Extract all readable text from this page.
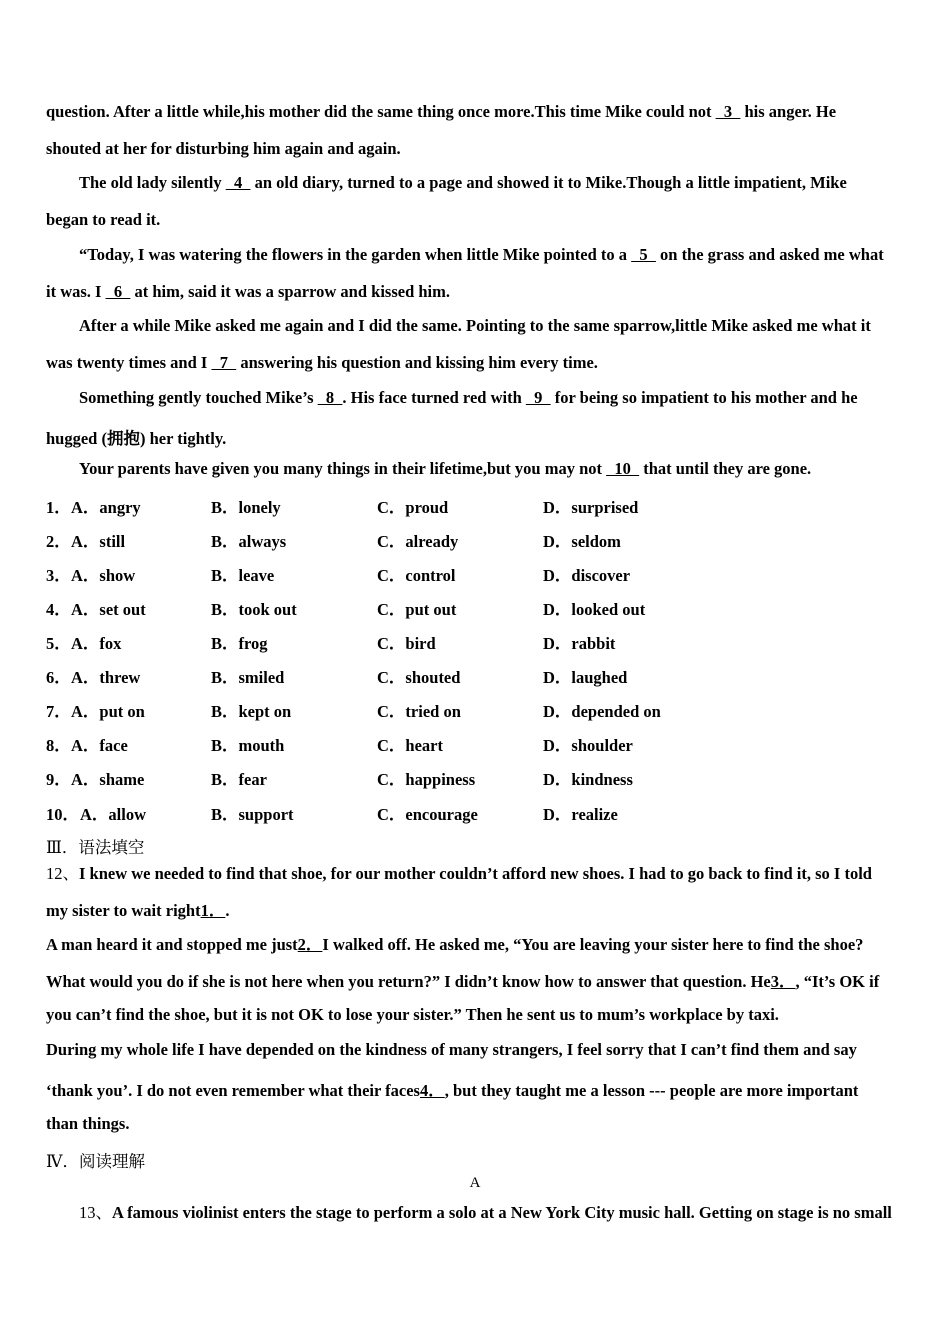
question. After a little while,his mother did the same thing once more.This time Mike could not   3   his anger. He
shouted at her for disturbing him again and again.
The old lady silently   4   an old diary, turned to a page and showed it to Mike.Though a little impatient, Mike
began to read it.
“Today, I was watering the flowers in the garden when little Mike pointed to a   5   on the grass and asked me what
it was. I   6   at him, said it was a sparrow and kissed him.
After a while Mike asked me again and I did the same. Pointing to the same sparrow,little Mike asked me what it
was twenty times and I   7   answering his question and kissing him every time.
Something gently touched Mike’s   8  . His face turned red with   9   for being so impatient to his mother and he
hugged (拥抱) her tightly.
Your parents have given you many things in their lifetime,but you may not   10   that until they are gone.
1． A．angry	B．lonely	C．proud	D．surprised
2． A．still	B．always	C．already	D．seldom
3． A．show	B．leave	C．control	D．discover
4． A．set out	B．took out	C．put out	D．looked out
5． A．fox	B．frog	C．bird	D．rabbit
6． A．threw	B．smiled	C．shouted	D．laughed
7． A．put on	B．kept on	C．tried on	D．depended on
8． A．face	B．mouth	C．heart	D．shoulder
9． A．shame	B．fear	C．happiness	D．kindness
10． A．allow	B．support	C．encourage	D．realize
Ⅲ．语法填空
12、I knew we needed to find that shoe, for our mother couldn’t afford new shoes. I had to go back to find it, so I told
my sister to wait right1．.
A man heard it and stopped me just2．I walked off. He asked me, “You are leaving your sister here to find the shoe?
What would you do if she is not here when you return?” I didn’t know how to answer that question. He3．, “It’s OK if
you can’t find the shoe, but it is not OK to lose your sister.” Then he sent us to mum’s workplace by taxi.
During my whole life I have depended on the kindness of many strangers, I feel sorry that I can’t find them and say
‘thank you’. I do not even remember what their faces4．, but they taught me a lesson --- people are more important
than things.
Ⅳ．阅读理解
A
13、A famous violinist enters the stage to perform a solo at a New York City music hall. Getting on stage is no small
